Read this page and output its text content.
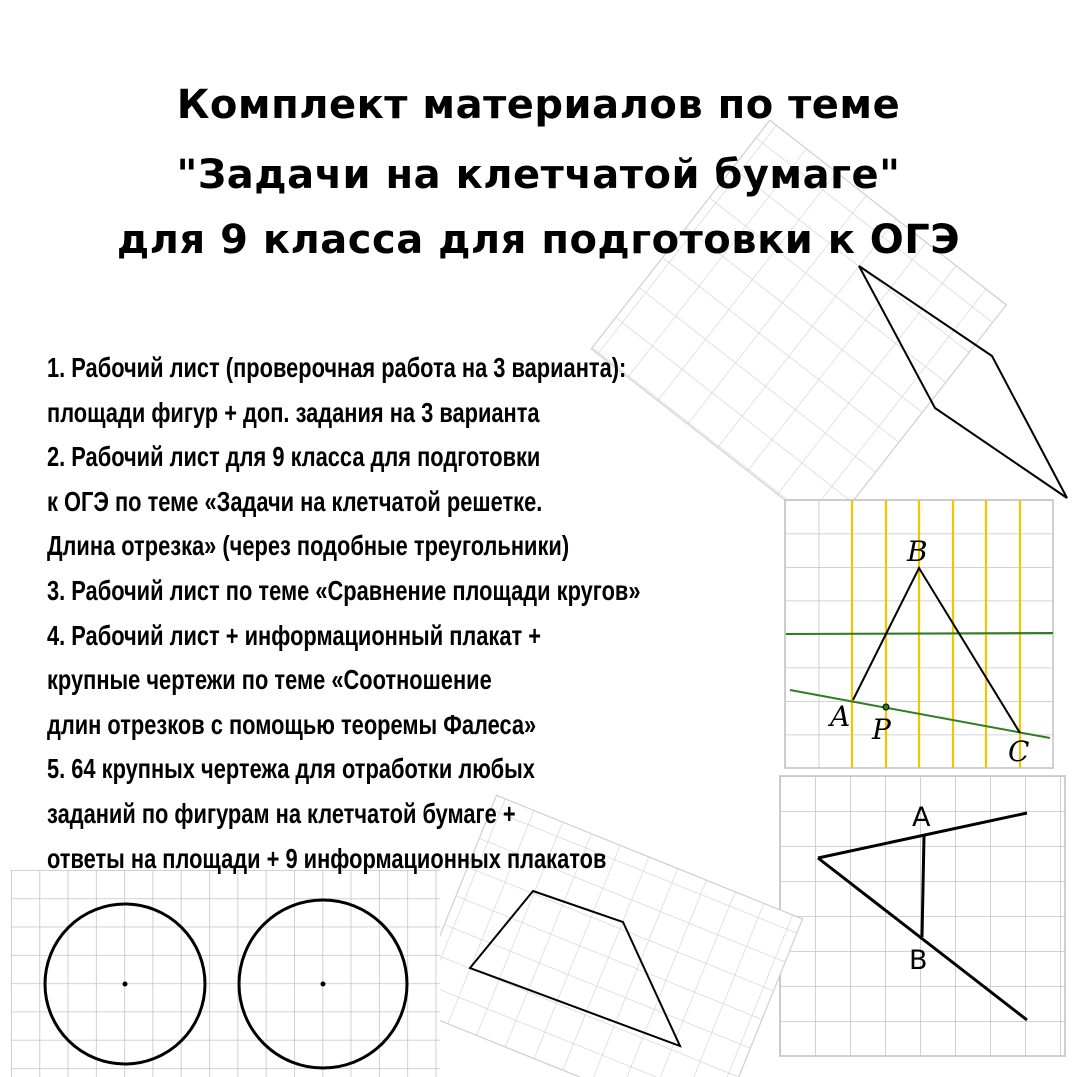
B
A P
C
A
B
Комплект материалов по теме
"Задачи на клетчатой бумаге"
для 9 класса для подготовки к ОГЭ
1. Рабочий лист (проверочная работа на 3 варианта):
площади фигур + доп. задания на 3 варианта
2. Рабочий лист для 9 класса для подготовки
к ОГЭ по теме «Задачи на клетчатой решетке.
Длина отрезка» (через подобные треугольники)
3. Рабочий лист по теме «Сравнение площади кругов»
4. Рабочий лист + информационный плакат +
крупные чертежи по теме «Соотношение
длин отрезков с помощью теоремы Фалеса»
5. 64 крупных чертежа для отработки любых
заданий по фигурам на клетчатой бумаге +
ответы на площади + 9 информационных плакатов
